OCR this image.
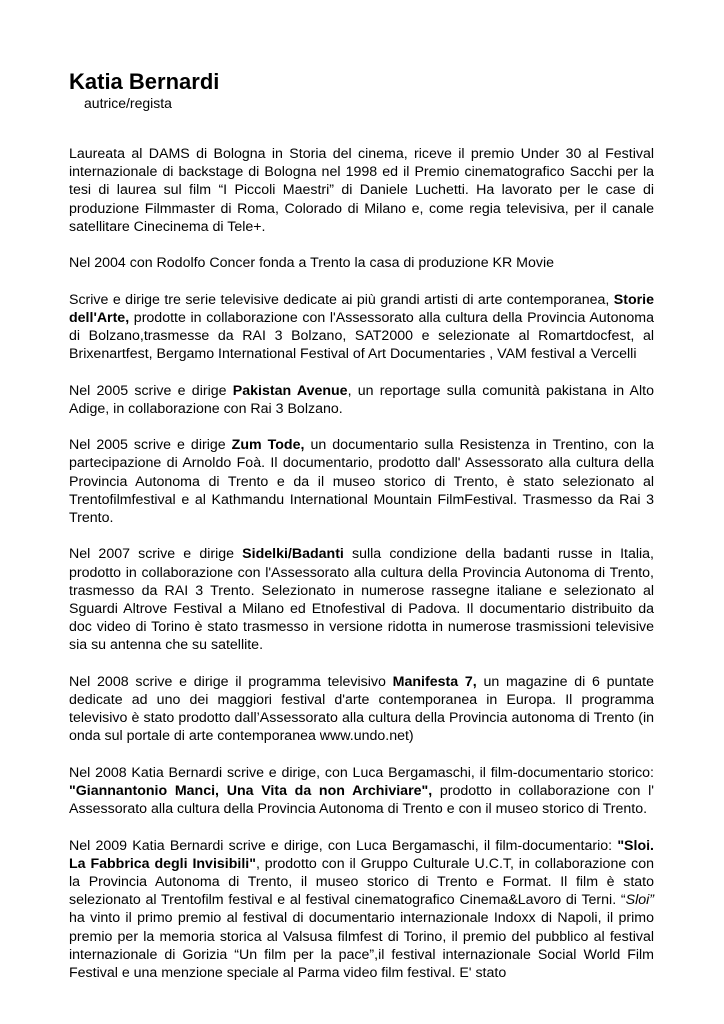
Katia Bernardi
autrice/regista

Laureata al DAMS di Bologna in Storia del cinema, riceve il premio Under 30 al Festival internazionale di backstage di Bologna nel 1998 ed il Premio cinematografico Sacchi per la tesi di laurea sul film “I Piccoli Maestri” di Daniele Luchetti. Ha lavorato per le case di produzione Filmmaster di Roma, Colorado di Milano e, come regia televisiva, per il canale satellitare Cinecinema di Tele+.

Nel 2004 con Rodolfo Concer fonda a Trento la casa di produzione KR Movie

Scrive e dirige tre serie televisive dedicate ai più grandi artisti di arte contemporanea, Storie dell'Arte, prodotte in collaborazione con l'Assessorato alla cultura della Provincia Autonoma di Bolzano,trasmesse da RAI 3 Bolzano, SAT2000 e selezionate al Romartdocfest, al Brixenartfest, Bergamo International Festival of Art Documentaries , VAM festival a Vercelli

Nel 2005 scrive e dirige Pakistan Avenue, un reportage sulla comunità pakistana in Alto Adige, in collaborazione con Rai 3 Bolzano.

Nel 2005 scrive e dirige Zum Tode, un documentario sulla Resistenza in Trentino, con la partecipazione di Arnoldo Foà. Il documentario, prodotto dall' Assessorato alla cultura della Provincia Autonoma di Trento e da il museo storico di Trento, è stato selezionato al Trentofilmfestival e al Kathmandu International Mountain FilmFestival. Trasmesso da Rai 3 Trento.

Nel 2007 scrive e dirige Sidelki/Badanti sulla condizione della badanti russe in Italia, prodotto in collaborazione con l'Assessorato alla cultura della Provincia Autonoma di Trento, trasmesso da RAI 3 Trento. Selezionato in numerose rassegne italiane e selezionato al Sguardi Altrove Festival a Milano ed Etnofestival di Padova. Il documentario distribuito da doc video di Torino è stato trasmesso in versione ridotta in numerose trasmissioni televisive sia su antenna che su satellite.

Nel 2008 scrive e dirige il programma televisivo Manifesta 7, un magazine di 6 puntate dedicate ad uno dei maggiori festival d'arte contemporanea in Europa. Il programma televisivo è stato prodotto dall’Assessorato alla cultura della Provincia autonoma di Trento (in onda sul portale di arte contemporanea www.undo.net)

Nel 2008 Katia Bernardi scrive e dirige, con Luca Bergamaschi, il film-documentario storico: "Giannantonio Manci, Una Vita da non Archiviare", prodotto in collaborazione con l' Assessorato alla cultura della Provincia Autonoma di Trento e con il museo storico di Trento.

Nel 2009 Katia Bernardi scrive e dirige, con Luca Bergamaschi, il film-documentario: "Sloi. La Fabbrica degli Invisibili", prodotto con il Gruppo Culturale U.C.T, in collaborazione con la Provincia Autonoma di Trento, il museo storico di Trento e Format. Il film è stato selezionato al Trentofilm festival e al festival cinematografico Cinema&Lavoro di Terni. “Sloi” ha vinto il primo premio al festival di documentario internazionale Indoxx di Napoli, il primo premio per la memoria storica al Valsusa filmfest di Torino, il premio del pubblico al festival internazionale di Gorizia “Un film per la pace”,il festival internazionale Social World Film Festival e una menzione speciale al Parma video film festival. E' stato
